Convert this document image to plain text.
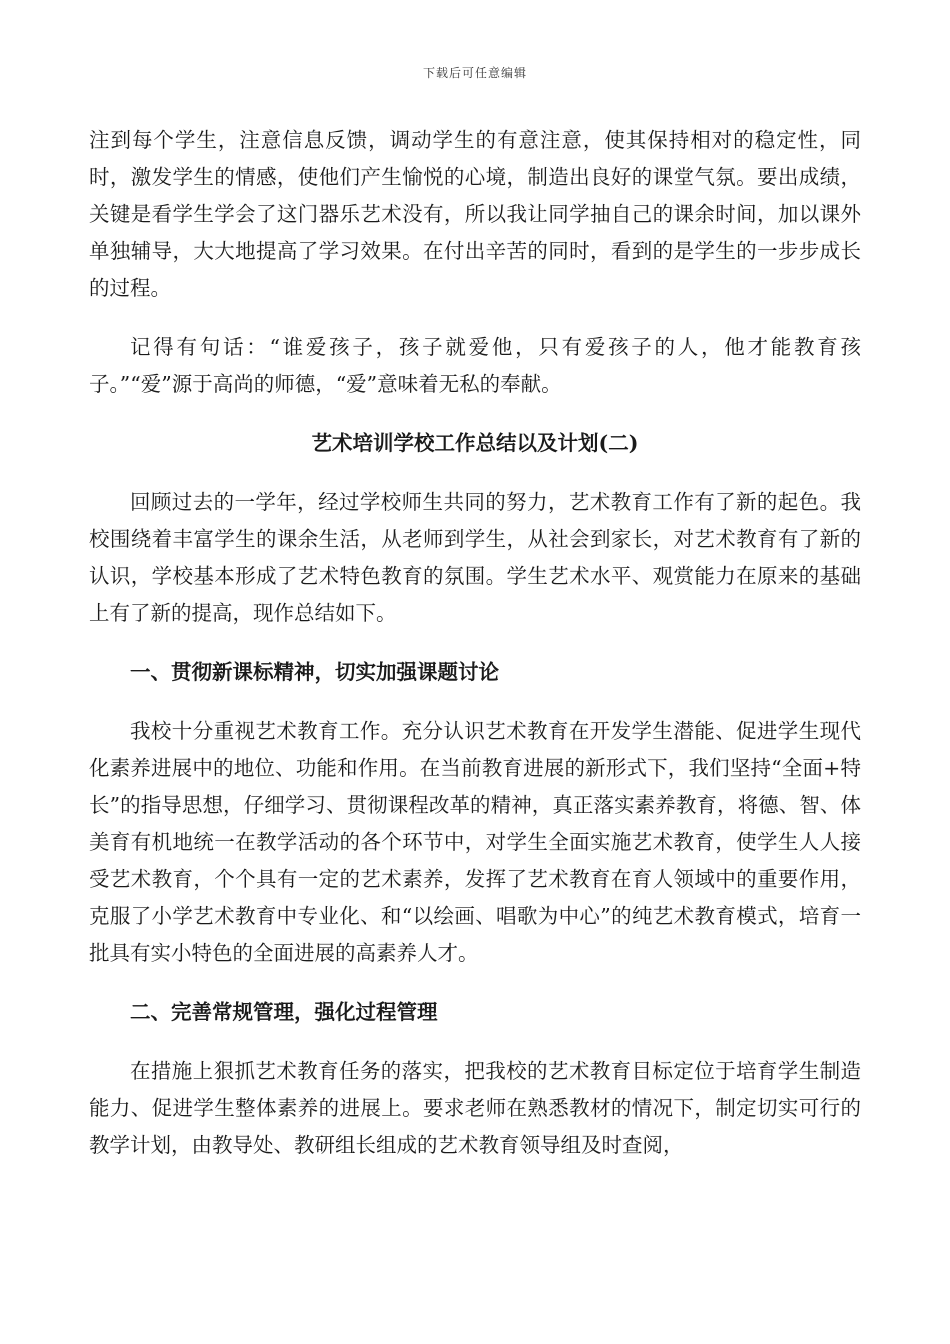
下载后可任意编辑

注到每个学生，注意信息反馈，调动学生的有意注意，使其保持相对的稳定性，同时，激发学生的情感，使他们产生愉悦的心境，制造出良好的课堂气氛。要出成绩，关键是看学生学会了这门器乐艺术没有，所以我让同学抽自己的课余时间，加以课外单独辅导，大大地提高了学习效果。在付出辛苦的同时，看到的是学生的一步步成长的过程。

记得有句话：“谁爱孩子，孩子就爱他，只有爱孩子的人，他才能教育孩子。”“爱”源于高尚的师德，“爱”意味着无私的奉献。

艺术培训学校工作总结以及计划(二)

回顾过去的一学年，经过学校师生共同的努力，艺术教育工作有了新的起色。我校围绕着丰富学生的课余生活，从老师到学生，从社会到家长，对艺术教育有了新的认识，学校基本形成了艺术特色教育的氛围。学生艺术水平、观赏能力在原来的基础上有了新的提高，现作总结如下。

一、贯彻新课标精神，切实加强课题讨论

我校十分重视艺术教育工作。充分认识艺术教育在开发学生潜能、促进学生现代化素养进展中的地位、功能和作用。在当前教育进展的新形式下，我们坚持“全面+特长”的指导思想，仔细学习、贯彻课程改革的精神，真正落实素养教育，将德、智、体美育有机地统一在教学活动的各个环节中，对学生全面实施艺术教育，使学生人人接受艺术教育，个个具有一定的艺术素养，发挥了艺术教育在育人领域中的重要作用，克服了小学艺术教育中专业化、和“以绘画、唱歌为中心”的纯艺术教育模式，培育一批具有实小特色的全面进展的高素养人才。

二、完善常规管理，强化过程管理

在措施上狠抓艺术教育任务的落实，把我校的艺术教育目标定位于培育学生制造能力、促进学生整体素养的进展上。要求老师在熟悉教材的情况下，制定切实可行的教学计划，由教导处、教研组长组成的艺术教育领导组及时查阅，
